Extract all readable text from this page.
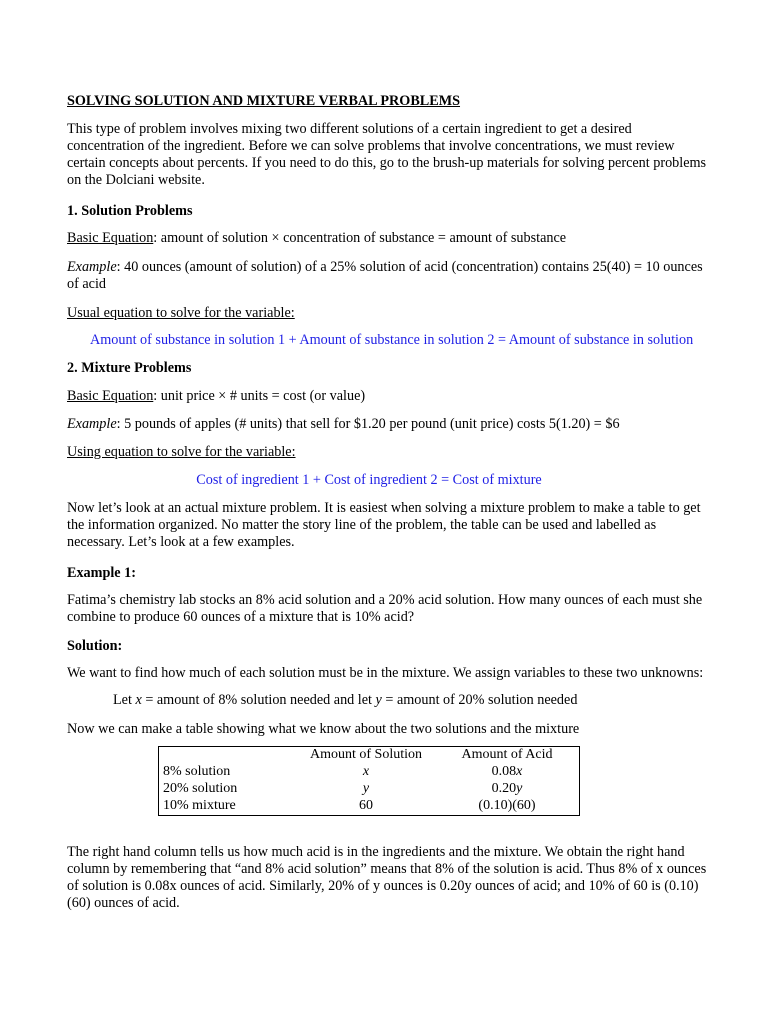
SOLVING SOLUTION AND MIXTURE VERBAL PROBLEMS

This type of problem involves mixing two different solutions of a certain ingredient to get a desired concentration of the ingredient. Before we can solve problems that involve concentrations, we must review certain concepts about percents. If you need to do this, go to the brush-up materials for solving percent problems on the Dolciani website.

1. Solution Problems

Basic Equation: amount of solution × concentration of substance = amount of substance

Example: 40 ounces (amount of solution) of a 25% solution of acid (concentration) contains 25(40) = 10 ounces of acid

Usual equation to solve for the variable:

Amount of substance in solution 1 + Amount of substance in solution 2 = Amount of substance in solution

2. Mixture Problems

Basic Equation: unit price × # units = cost (or value)

Example: 5 pounds of apples (# units) that sell for $1.20 per pound (unit price) costs 5(1.20) = $6

Using equation to solve for the variable:

Cost of ingredient 1 + Cost of ingredient 2 = Cost of mixture

Now let’s look at an actual mixture problem. It is easiest when solving a mixture problem to make a table to get the information organized. No matter the story line of the problem, the table can be used and labelled as necessary. Let’s look at a few examples.

Example 1:

Fatima’s chemistry lab stocks an 8% acid solution and a 20% acid solution. How many ounces of each must she combine to produce 60 ounces of a mixture that is 10% acid?

Solution:

We want to find how much of each solution must be in the mixture. We assign variables to these two unknowns:

Let x = amount of 8% solution needed and let y = amount of 20% solution needed

Now we can make a table showing what we know about the two solutions and the mixture

	Amount of Solution	Amount of Acid
8% solution	x	0.08x
20% solution	y	0.20y
10% mixture	60	(0.10)(60)

The right hand column tells us how much acid is in the ingredients and the mixture. We obtain the right hand column by remembering that “and 8% acid solution” means that 8% of the solution is acid. Thus 8% of x ounces of solution is 0.08x ounces of acid. Similarly, 20% of y ounces is 0.20y ounces of acid; and 10% of 60 is (0.10)(60) ounces of acid.
